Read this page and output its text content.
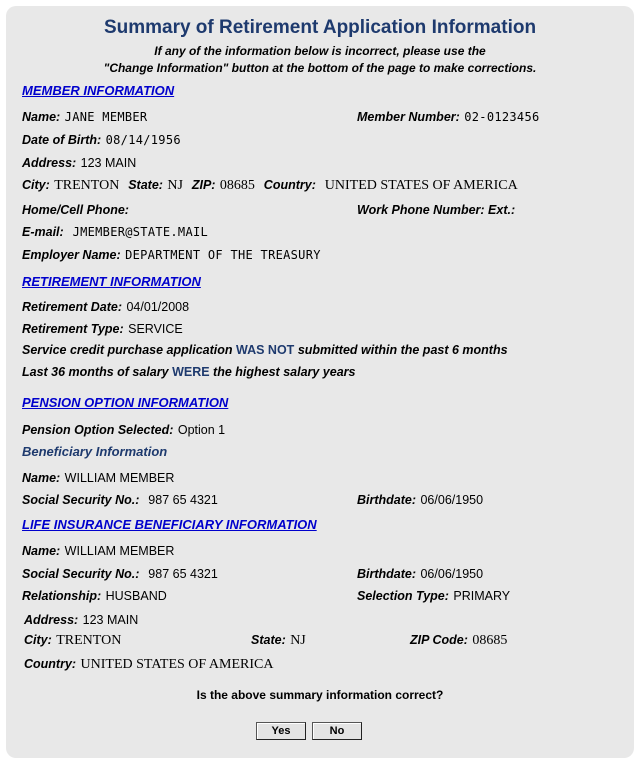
Summary of Retirement Application Information
If any of the information below is incorrect, please use the
"Change Information" button at the bottom of the page to make corrections.
MEMBER INFORMATION
Name: JANE MEMBER	Member Number: 02-0123456
Date of Birth: 08/14/1956
Address: 123 MAIN
City: TRENTON State: NJ ZIP: 08685 Country: UNITED STATES OF AMERICA
Home/Cell Phone:	Work Phone Number: Ext.:
E-mail: JMEMBER@STATE.MAIL
Employer Name: DEPARTMENT OF THE TREASURY
RETIREMENT INFORMATION
Retirement Date: 04/01/2008
Retirement Type: SERVICE
Service credit purchase application WAS NOT submitted within the past 6 months
Last 36 months of salary WERE the highest salary years
PENSION OPTION INFORMATION
Pension Option Selected: Option 1
Beneficiary Information
Name: WILLIAM MEMBER
Social Security No.: 987 65 4321	Birthdate: 06/06/1950
LIFE INSURANCE BENEFICIARY INFORMATION
Name: WILLIAM MEMBER
Social Security No.: 987 65 4321	Birthdate: 06/06/1950
Relationship: HUSBAND	Selection Type: PRIMARY
Address: 123 MAIN
City: TRENTON	State: NJ	ZIP Code: 08685
Country: UNITED STATES OF AMERICA
Is the above summary information correct?
Yes	No
